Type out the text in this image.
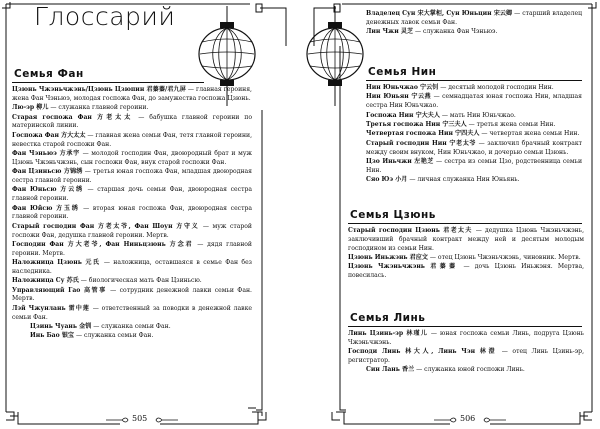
Глоссарий
Семья Фан

Цзюнь Чжэньчжэнь/Цзюнь Цзюпин 君蓁蓁/君九屏 — главная героиня, жена Фан Чэньюэ, молодая госпожа Фан, до замужества госпожа Цзюнь.

Лю-эр 柳儿 — служанка главной героини.

Старая госпожа Фан 方老太太 — бабушка главной героини по материнской линии.

Госпожа Фан 方大太太 — главная жена семьи Фан, тетя главной героини, невестка старой госпожи Фан.

Фан Чэньюэ 方承宇 — молодой господин Фан, двоюродный брат и муж Цзюнь Чжэньчжэнь, сын госпожи Фан, внук старой госпожи Фан.

Фан Цзиньсю 方锦绣 — третья юная госпожа Фан, младшая двоюродная сестра главной героини.

Фан Юньсю 方云绣 — старшая дочь семьи Фан, двоюродная сестра главной героини.

Фан Юйсю 方玉绣 — вторая юная госпожа Фан, двоюродная сестра главной героини.

Старый господин Фан 方老太爷, Фан Шоун 方守义 — муж старой госпожи Фан, дедушка главной героини. Мертв.

Господин Фан 方大老爷, Фан Ниньцзюнь 方念君 — дядя главной героини. Мертв.

Наложница Цзюнь 元氏 — наложница, оставшаяся в семье Фан без наследника.

Наложница Су 苏氏 — биологическая мать Фан Цзиньсю.

Управляющий Гао 高管事 — сотрудник денежной лавки семьи Фан. Мертв.

Лэй Чжунлань 雷中莲 — ответственный за поводки в денежной лавке семьи Фан.

Цзинь Чуань 金钏 — служанка семьи Фан.

Инь Бао 银宝 — служанка семьи Фан.

505

Владелец Сун 宋大掌柜, Сун Юньцин 宋云卿 — старший владелец денежных лавок семьи Фан.

Лин Чжи 灵芝 — служанка Фан Чэньюэ.

Семья Нин

Нин Юньчжао 宁云钊 — десятый молодой господин Нин.

Нин Юньян 宁云燕 — семнадцатая юная госпожа Нин, младшая сестра Нин Юньчжао.

Госпожа Нин 宁大夫人 — мать Нин Юньчжао.

Третья госпожа Нин 宁三夫人 — третья жена семьи Нин.

Четвертая госпожа Нин 宁四夫人 — четвертая жена семьи Нин.

Старый господин Нин 宁老太爷 — заключил брачный контракт между своим внуком, Нин Юньчжао, и дочерью семьи Цзюнь.

Цзо Иньчжи 左艳芝 — сестра из семьи Цзо, родственница семьи Нин.

Сяо Юэ 小月 — личная служанка Нин Юньянь.

Семья Цзюнь

Старый господин Цзюнь 君老太夫 — дедушка Цзюнь Чжэньчжэнь, заключивший брачный контракт между ней и десятым молодым господином из семьи Нин.

Цзюнь Иньжэнь 君应文 — отец Цзюнь Чжэньчжэнь, чиновник. Мертв.

Цзюнь Чжэньчжэнь 君蓁蓁 — дочь Цзюнь Иньжэня. Мертва, повесилась.

Семья Линь

Линь Цзинь-эр 林瑾儿 — юная госпожа семьи Линь, подруга Цзюнь Чжэньчжэнь.

Господи Линь 林大人, Линь Чэн 林澄 — отец Линь Цзинь-эр, регистратор.

Син Лань 香兰 — служанка юной госпожи Линь.

506
